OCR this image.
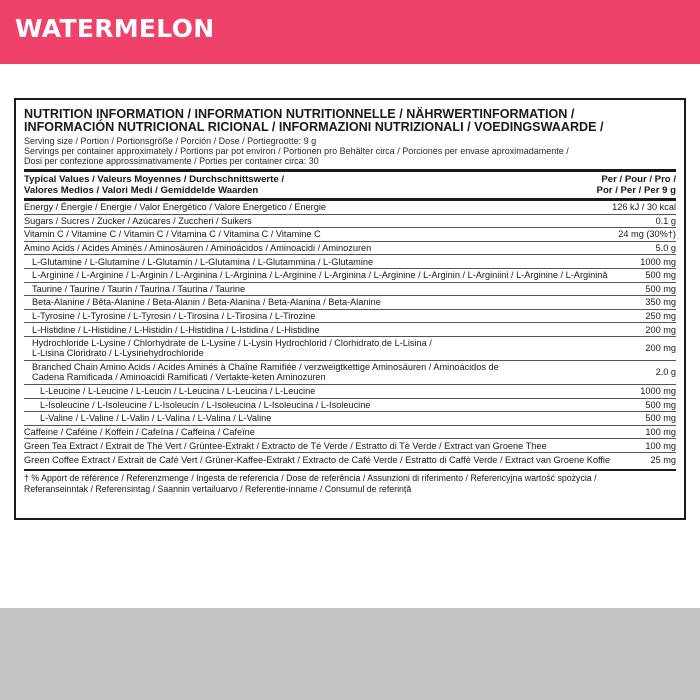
WATERMELON
NUTRITION INFORMATION / INFORMATION NUTRITIONNELLE / NÄHRWERTINFORMATION /
INFORMACIÓN NUTRICIONAL RICIONAL / INFORMAZIONI NUTRIZIONALI / VOEDINGSWAARDE /
Serving size / Portion / Portionsgröße / Porción / Dose / Portiegrootte: 9 g
Servings per container approximately / Portions par pot environ / Portionen pro Behälter circa / Porciones per envase aproximadamente /
Dosi per confezione approssimativamente / Porties per container circa: 30
Typical Values / Valeurs Moyennes / Durchschnittswerte /
Valores Medios / Valori Medi / Gemiddelde Waarden
Per / Pour / Pro /
Por / Per / Per 9 g
Energy / Énergie / Energie / Valor Energético / Valore Energetico / Energie	126 kJ / 30 kcal
Sugars / Sucres / Zucker / Azúcares / Zuccheri / Suikers	0.1 g
Vitamin C / Vitamine C / Vitamin C / Vitamina C / Vitamina C / Vitamine C	24 mg (30%†)
Amino Acids / Acides Aminés / Aminosäuren / Aminoácidos / Aminoacidi / Aminozuren	5.0 g
L-Glutamine / L-Glutamine / L-Glutamin / L-Glutamina / L-Glutammina / L-Glutamine	1000 mg
L-Arginine / L-Arginine / L-Arginin / L-Arginina / L-Arginina / L-Arginine / L-Arginina / L-Arginine / L-Arginin / L-Arginiini / L-Arginine / L-Arginină	500 mg
Taurine / Taurine / Taurin / Taurina / Taurina / Taurine	500 mg
Beta-Alanine / Bêta-Alanine / Beta-Alanin / Beta-Alanina / Beta-Alanina / Beta-Alanine	350 mg
L-Tyrosine / L-Tyrosine / L-Tyrosin / L-Tirosina / L-Tirosina / L-Tirozine	250 mg
L-Histidine / L-Histidine / L-Histidin / L-Histidina / L-Istidina / L-Histidine	200 mg
Hydrochloride L-Lysine / Chlorhydrate de L-Lysine / L-Lysin Hydrochlorid / Clorhidrato de L-Lisina /
L-Lisina Cloridrato / L-Lysinehydrochloride	200 mg
Branched Chain Amino Acids / Acides Aminés à Chaîne Ramifiée / verzweigtkettige Aminosäuren / Aminoácidos de
Cadena Ramificada / Aminoacidi Ramificati / Vertakte-keten Aminozuren	2.0 g
L-Leucine / L-Leucine / L-Leucin / L-Leucina / L-Leucina / L-Leucine	1000 mg
L-Isoleucine / L-Isoleucine / L-Isoleucin / L-Isoleucina / L-Isoleucina / L-Isoleucine	500 mg
L-Valine / L-Valine / L-Valin / L-Valina / L-Valina / L-Valine	500 mg
Caffeine / Caféine / Koffein / Cafeína / Caffeina / Cafeïne	100 mg
Green Tea Extract / Extrait de Thé Vert / Grüntee-Extrakt / Extracto de Té Verde / Estratto di Tè Verde / Extract van Groene Thee	100 mg
Green Coffee Extract / Extrait de Café Vert / Grüner-Kaffee-Extrakt / Extracto de Café Verde / Estratto di Caffè Verde / Extract van Groene Koffie	25 mg
† % Apport de référence / Referenzmenge / Ingesta de referencia / Dose de referência / Assunzioni di riferimento / Referencyjna wartość spożycia /
Referanseinntak / Referensintag / Saannin vertailuarvo / Referentie-inname / Consumul de referință
